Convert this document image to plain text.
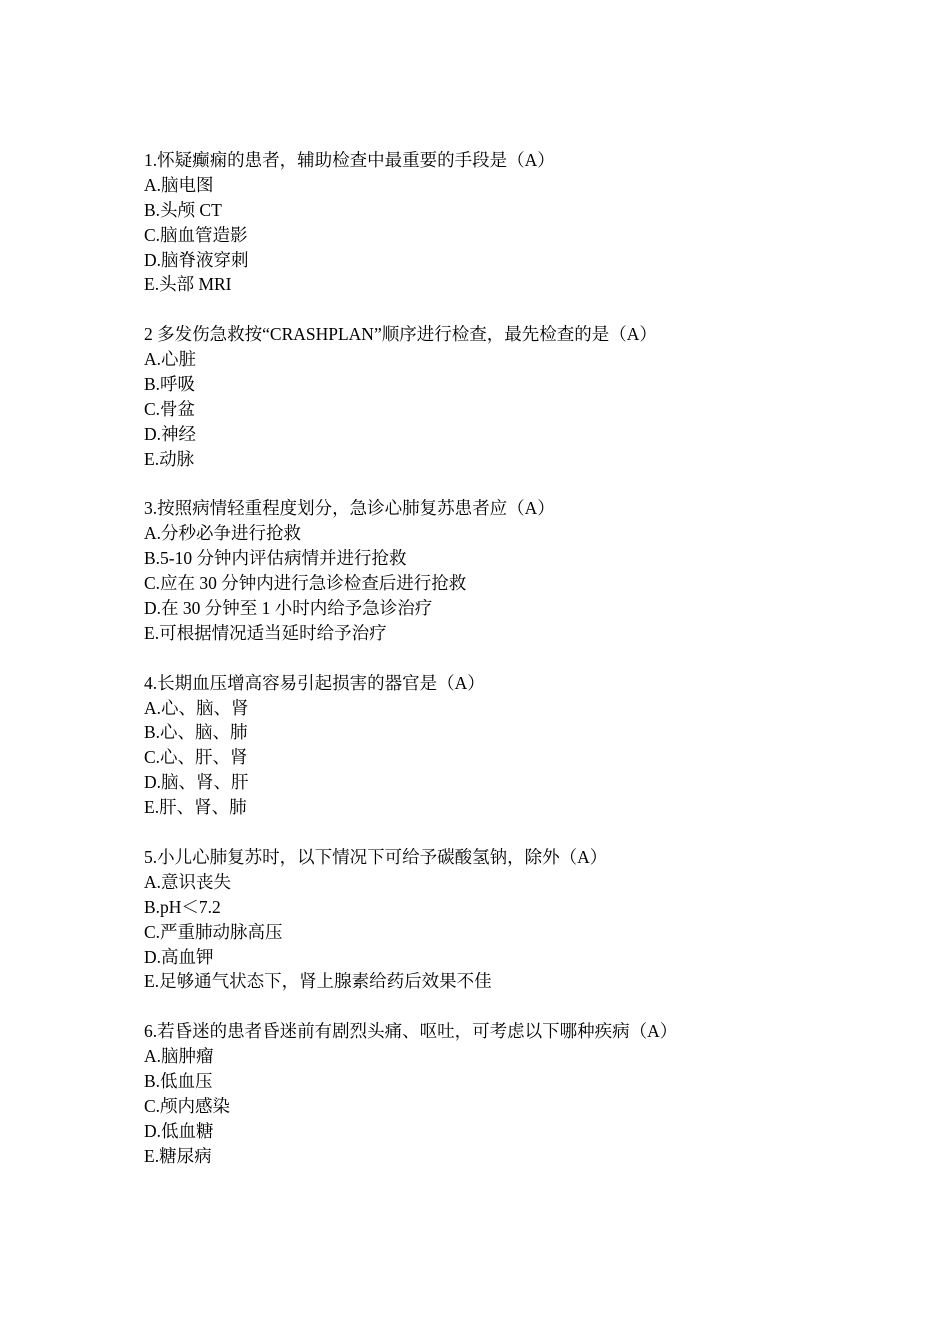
1.怀疑癫痫的患者，辅助检查中最重要的手段是（A）
A.脑电图
B.头颅 CT
C.脑血管造影
D.脑脊液穿刺
E.头部 MRI
2 多发伤急救按“CRASHPLAN”顺序进行检查，最先检查的是（A）
A.心脏
B.呼吸
C.骨盆
D.神经
E.动脉
3.按照病情轻重程度划分，急诊心肺复苏患者应（A）
A.分秒必争进行抢救
B.5-10 分钟内评估病情并进行抢救
C.应在 30 分钟内进行急诊检查后进行抢救
D.在 30 分钟至 1 小时内给予急诊治疗
E.可根据情况适当延时给予治疗
4.长期血压增高容易引起损害的器官是（A）
A.心、脑、肾
B.心、脑、肺
C.心、肝、肾
D.脑、肾、肝
E.肝、肾、肺
5.小儿心肺复苏时，以下情况下可给予碳酸氢钠，除外（A）
A.意识丧失
B.pH＜7.2
C.严重肺动脉高压
D.高血钾
E.足够通气状态下，肾上腺素给药后效果不佳
6.若昏迷的患者昏迷前有剧烈头痛、呕吐，可考虑以下哪种疾病（A）
A.脑肿瘤
B.低血压
C.颅内感染
D.低血糖
E.糖尿病
